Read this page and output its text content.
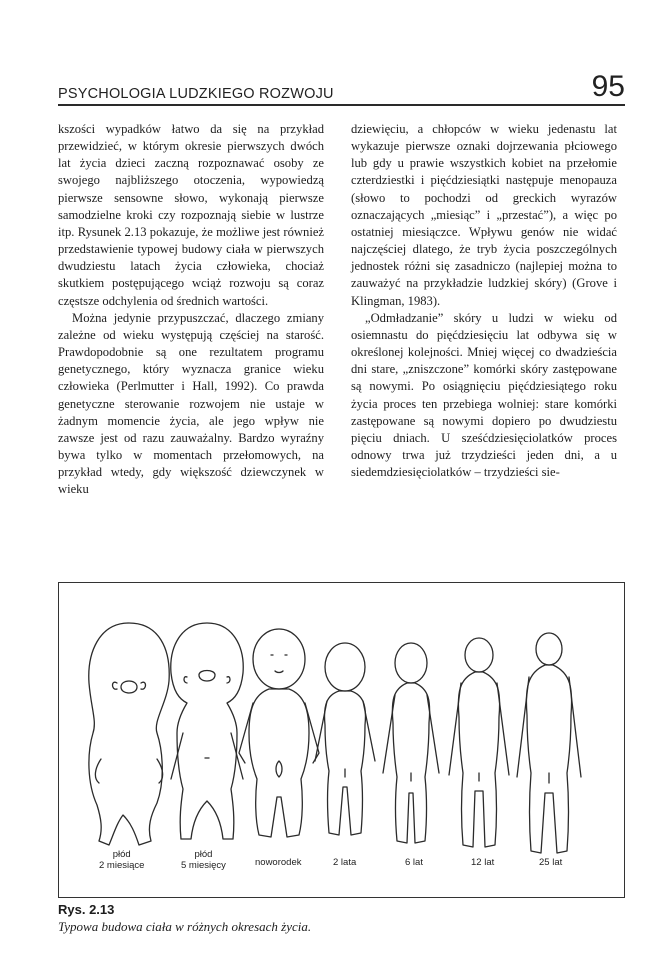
PSYCHOLOGIA LUDZKIEGO ROZWOJU	95

kszości wypadków łatwo da się na przykład przewidzieć, w którym okresie pierwszych dwóch lat życia dzieci zaczną rozpoznawać osoby ze swojego najbliższego otoczenia, wypowiedzą pierwsze sensowne słowo, wykonają pierwsze samodzielne kroki czy rozpoznają siebie w lustrze itp. Rysunek 2.13 pokazuje, że możliwe jest również przedstawienie typowej budowy ciała w pierwszych dwudziestu latach życia człowieka, chociaż skutkiem postępującego wciąż rozwoju są coraz częstsze odchylenia od średnich wartości.

Można jedynie przypuszczać, dlaczego zmiany zależne od wieku występują częściej na starość. Prawdopodobnie są one rezultatem programu genetycznego, który wyznacza granice wieku człowieka (Perlmutter i Hall, 1992). Co prawda genetyczne sterowanie rozwojem nie ustaje w żadnym momencie życia, ale jego wpływ nie zawsze jest od razu zauważalny. Bardzo wyraźny bywa tylko w momentach przełomowych, na przykład wtedy, gdy większość dziewczynek w wieku

dziewięciu, a chłopców w wieku jedenastu lat wykazuje pierwsze oznaki dojrzewania płciowego lub gdy u prawie wszystkich kobiet na przełomie czterdziestki i pięćdziesiątki następuje menopauza (słowo to pochodzi od greckich wyrazów oznaczających „miesiąc” i „przestać”), a więc po ostatniej miesiączce. Wpływu genów nie widać najczęściej dlatego, że tryb życia poszczególnych jednostek różni się zasadniczo (najlepiej można to zauważyć na przykładzie ludzkiej skóry) (Grove i Klingman, 1983).

„Odmładzanie” skóry u ludzi w wieku od osiemnastu do pięćdziesięciu lat odbywa się w określonej kolejności. Mniej więcej co dwadzieścia dni stare, „zniszczone” komórki skóry zastępowane są nowymi. Po osiągnięciu pięćdziesiątego roku życia proces ten przebiega wolniej: stare komórki zastępowane są nowymi dopiero po dwudziestu pięciu dniach. U sześćdziesięciolatków proces odnowy trwa już trzydzieści jeden dni, a u siedemdziesięciolatków – trzydzieści sie-

płód
2 miesiące
płód
5 miesięcy	noworodek	2 lata	6 lat	12 lat	25 lat
Rys. 2.13
Typowa budowa ciała w różnych okresach życia.
